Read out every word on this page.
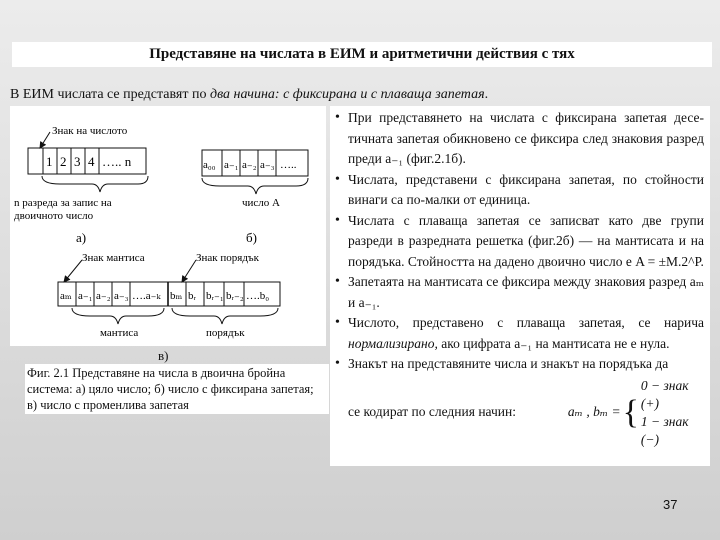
Представяне на числата в ЕИМ и аритметични действия с тях
В ЕИМ числата се представят по два начина: с фиксирана и с плаваща запетая.
Знак на числото
1 2 3 4 ….. n
n разреда за запис на
двоичното число
а)
a₀₀ a₋₁ a₋₂ a₋₃ …..
число А
б)
Знак мантиса	Знак порядък
aₘ a₋₁ a₋₂ a₋₃ ….a₋ₖ bₘ bᵣ bᵣ₋₁ bᵣ₋₂ ….b₀
мантиса	порядък
в)
Фиг. 2.1 Представяне на числа в двоична бройна
система: а) цяло число; б) число с фиксирана запетая;
в) число с променлива запетая
• При представянето на числата с фиксирана запетая десе-тичната запетая обикновено се фиксира след знаковия разред преди a₋₁ (фиг.2.1б).
• Числата, представени с фиксирана запетая, по стойности винаги са по-малки от единица.
• Числата с плаваща запетая се записват като две групи разреди в разредната решетка (фиг.2б) — на мантисата и на порядъка. Стойността на дадено двоично число е A = ±M.2^P.
• Запетаята на мантисата се фиксира между знаковия разред aₘ и a₋₁.
• Числото, представено с плаваща запетая, се нарича нормализирано, ако цифрата a₋₁ на мантисата не е нула.
• Знакът на представяните числа и знакът на порядъка да
се кодират по следния начин:	aₘ , bₘ = {
0 − знак (+)
1 − знак (−)
37
